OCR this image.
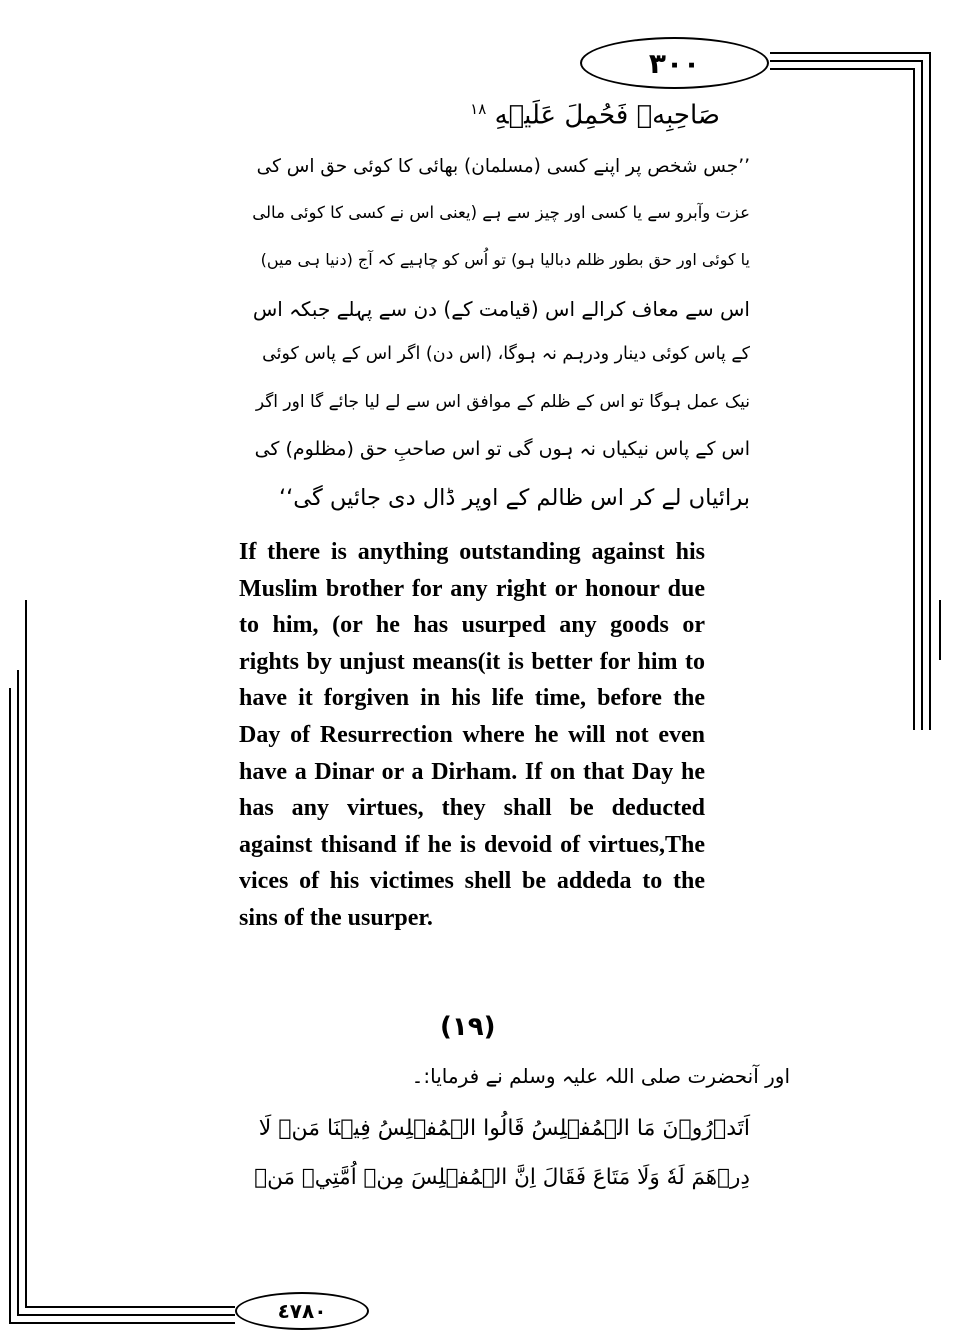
٣٠٠
صَاحِبِهٖ فَحُمِلَ عَلَيۡهِ $^{١٨}$
’’جس شخص پر اپنے کسی (مسلمان) بھائی کا کوئی حق اس کی
عزت وآبرو سے یا کسی اور چیز سے ہے (یعنی اس نے کسی کا کوئی مالی
یا کوئی اور حق بطور ظلم دبالیا ہو) تو اُس کو چاہیے کہ آج (دنیا ہی میں)
اس سے معاف کرالے اس (قیامت کے) دن سے پہلے جبکہ اس
کے پاس کوئی دینار ودرہم نہ ہوگا، (اس دن) اگر اس کے پاس کوئی
نیک عمل ہوگا تو اس کے ظلم کے موافق اس سے لے لیا جائے گا اور اگر
اس کے پاس نیکیاں نہ ہوں گی تو اس صاحبِ حق (مظلوم) کی
برائیاں لے کر اس ظالم کے اوپر ڈال دی جائیں گی‘‘

If there is anything outstanding against his Muslim brother for any right or honour due to him, (or he has usurped any goods or rights by unjust means(it is better for him to have it forgiven in his life time, before the Day of Resurrection where he will not even have a Dinar or a Dirham. If on that Day he has any virtues, they shall be deducted against thisand if he is devoid of virtues,The vices of his victimes shell be addeda to the sins of the usurper.

(١٩)
اور آنحضرت صلی اللہ علیہ وسلم نے فرمایا:۔
اَتَدۡرُوۡنَ مَا الۡمُفۡلِسُ قَالُوا الۡمُفۡلِسُ فِيۡنَا مَنۡ لَا
دِرۡهَمَ لَهٗ وَلَا مَتَاعَ فَقَالَ اِنَّ الۡمُفۡلِسَ مِنۡ اُمَّتِيۡ مَنۡ
٤٧٨٠
